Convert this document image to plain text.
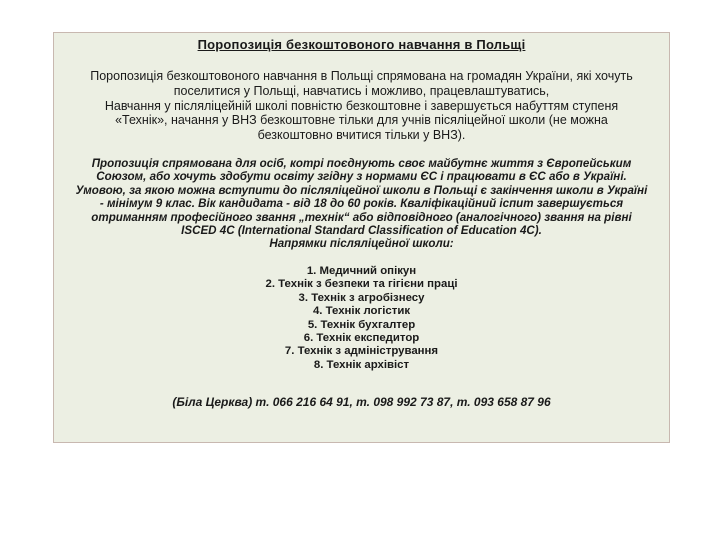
Поропозиція безкоштовоного навчання в Польщі
Поропозиція безкоштовоного навчання в Польщі спрямована на громадян України, які хочуть
поселитися у Польщі, навчатись і можливо, працевлаштуватись,
Навчання у післяліцейній школі повністю безкоштовне і завершується набуттям ступеня
«Технік», начання у ВНЗ безкоштовне тільки для учнів пісяліцейної школи (не можна
безкоштовно вчитися тільки у ВНЗ).
Пропозиція спрямована для осіб, котрі поєднують своє майбутнє життя з Європейським
Союзом, або хочуть здобути освіту згідну з нормами ЄС і працювати в ЄС або в Україні.
Умовою, за якою можна вступити до післяліцейної школи в Польщі є закінчення школи в Україні
- мінімум 9 клас. Вік кандидата - від 18 до 60 років. Кваліфікаційний іспит завершується
отриманням професійного звання „технік“ або відповідного (аналогічного) звання на рівні
ISCED 4C (International Standard Classification of Education 4C).
Напрямки післяліцейної школи:
1. Медичний опікун
2. Технік з безпеки та гігієни праці
3. Технік з агробізнесу
4. Технік логістик
5. Технік бухгалтер
6. Технік експедитор
7. Технік з адміністрування
8. Технік архівіст
(Біла Церква) т. 066 216 64 91, т. 098 992 73 87, т. 093 658 87 96
